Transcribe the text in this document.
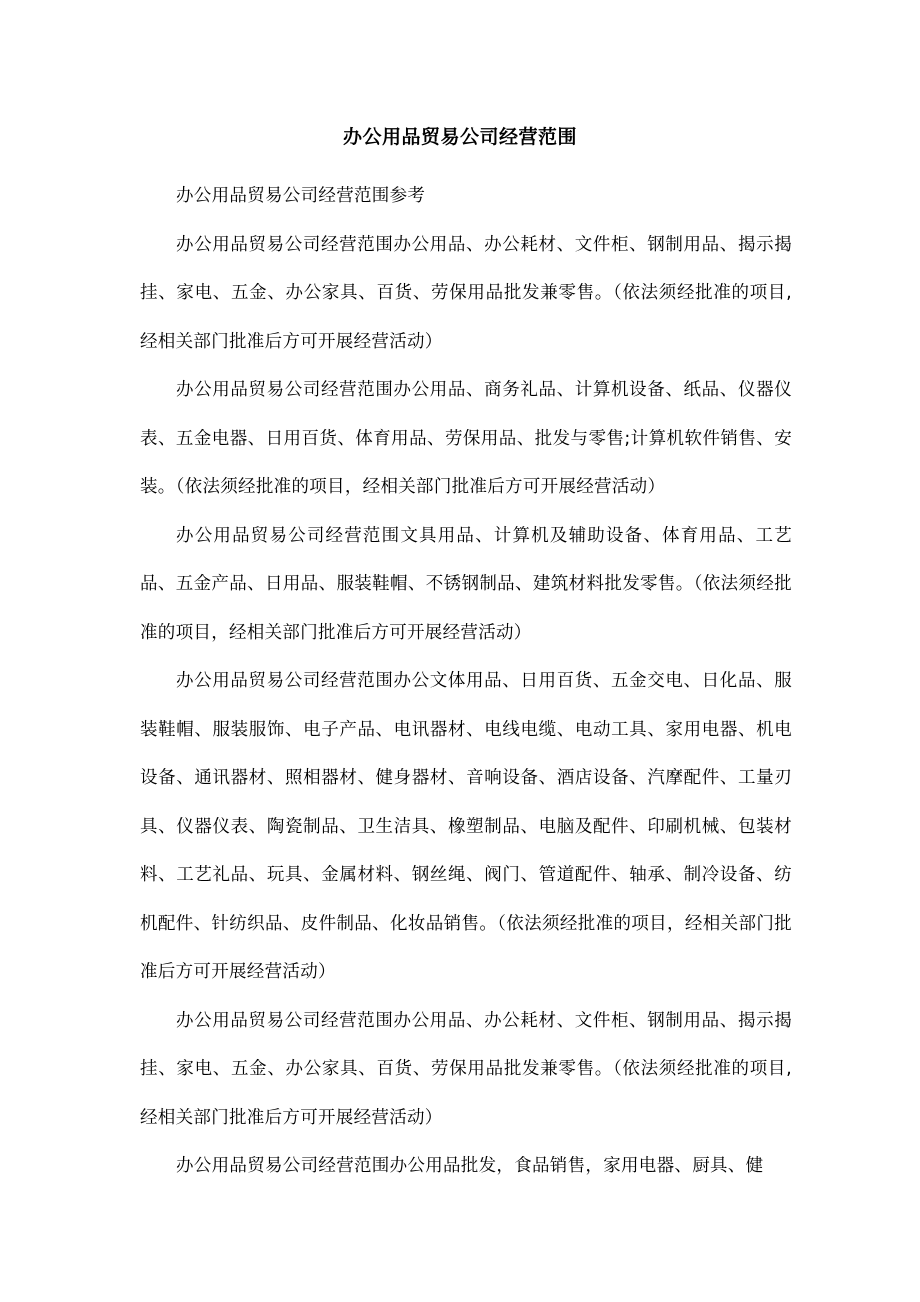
办公用品贸易公司经营范围

办公用品贸易公司经营范围参考

办公用品贸易公司经营范围办公用品、办公耗材、文件柜、钢制用品、揭示揭挂、家电、五金、办公家具、百货、劳保用品批发兼零售。（依法须经批准的项目,经相关部门批准后方可开展经营活动）

办公用品贸易公司经营范围办公用品、商务礼品、计算机设备、纸品、仪器仪表、五金电器、日用百货、体育用品、劳保用品、批发与零售;计算机软件销售、安装。（依法须经批准的项目，经相关部门批准后方可开展经营活动）

办公用品贸易公司经营范围文具用品、计算机及辅助设备、体育用品、工艺品、五金产品、日用品、服装鞋帽、不锈钢制品、建筑材料批发零售。（依法须经批准的项目，经相关部门批准后方可开展经营活动）

办公用品贸易公司经营范围办公文体用品、日用百货、五金交电、日化品、服装鞋帽、服装服饰、电子产品、电讯器材、电线电缆、电动工具、家用电器、机电设备、通讯器材、照相器材、健身器材、音响设备、酒店设备、汽摩配件、工量刃具、仪器仪表、陶瓷制品、卫生洁具、橡塑制品、电脑及配件、印刷机械、包装材料、工艺礼品、玩具、金属材料、钢丝绳、阀门、管道配件、轴承、制冷设备、纺机配件、针纺织品、皮件制品、化妆品销售。（依法须经批准的项目，经相关部门批准后方可开展经营活动）

办公用品贸易公司经营范围办公用品、办公耗材、文件柜、钢制用品、揭示揭挂、家电、五金、办公家具、百货、劳保用品批发兼零售。（依法须经批准的项目,经相关部门批准后方可开展经营活动）

办公用品贸易公司经营范围办公用品批发，食品销售，家用电器、厨具、健
